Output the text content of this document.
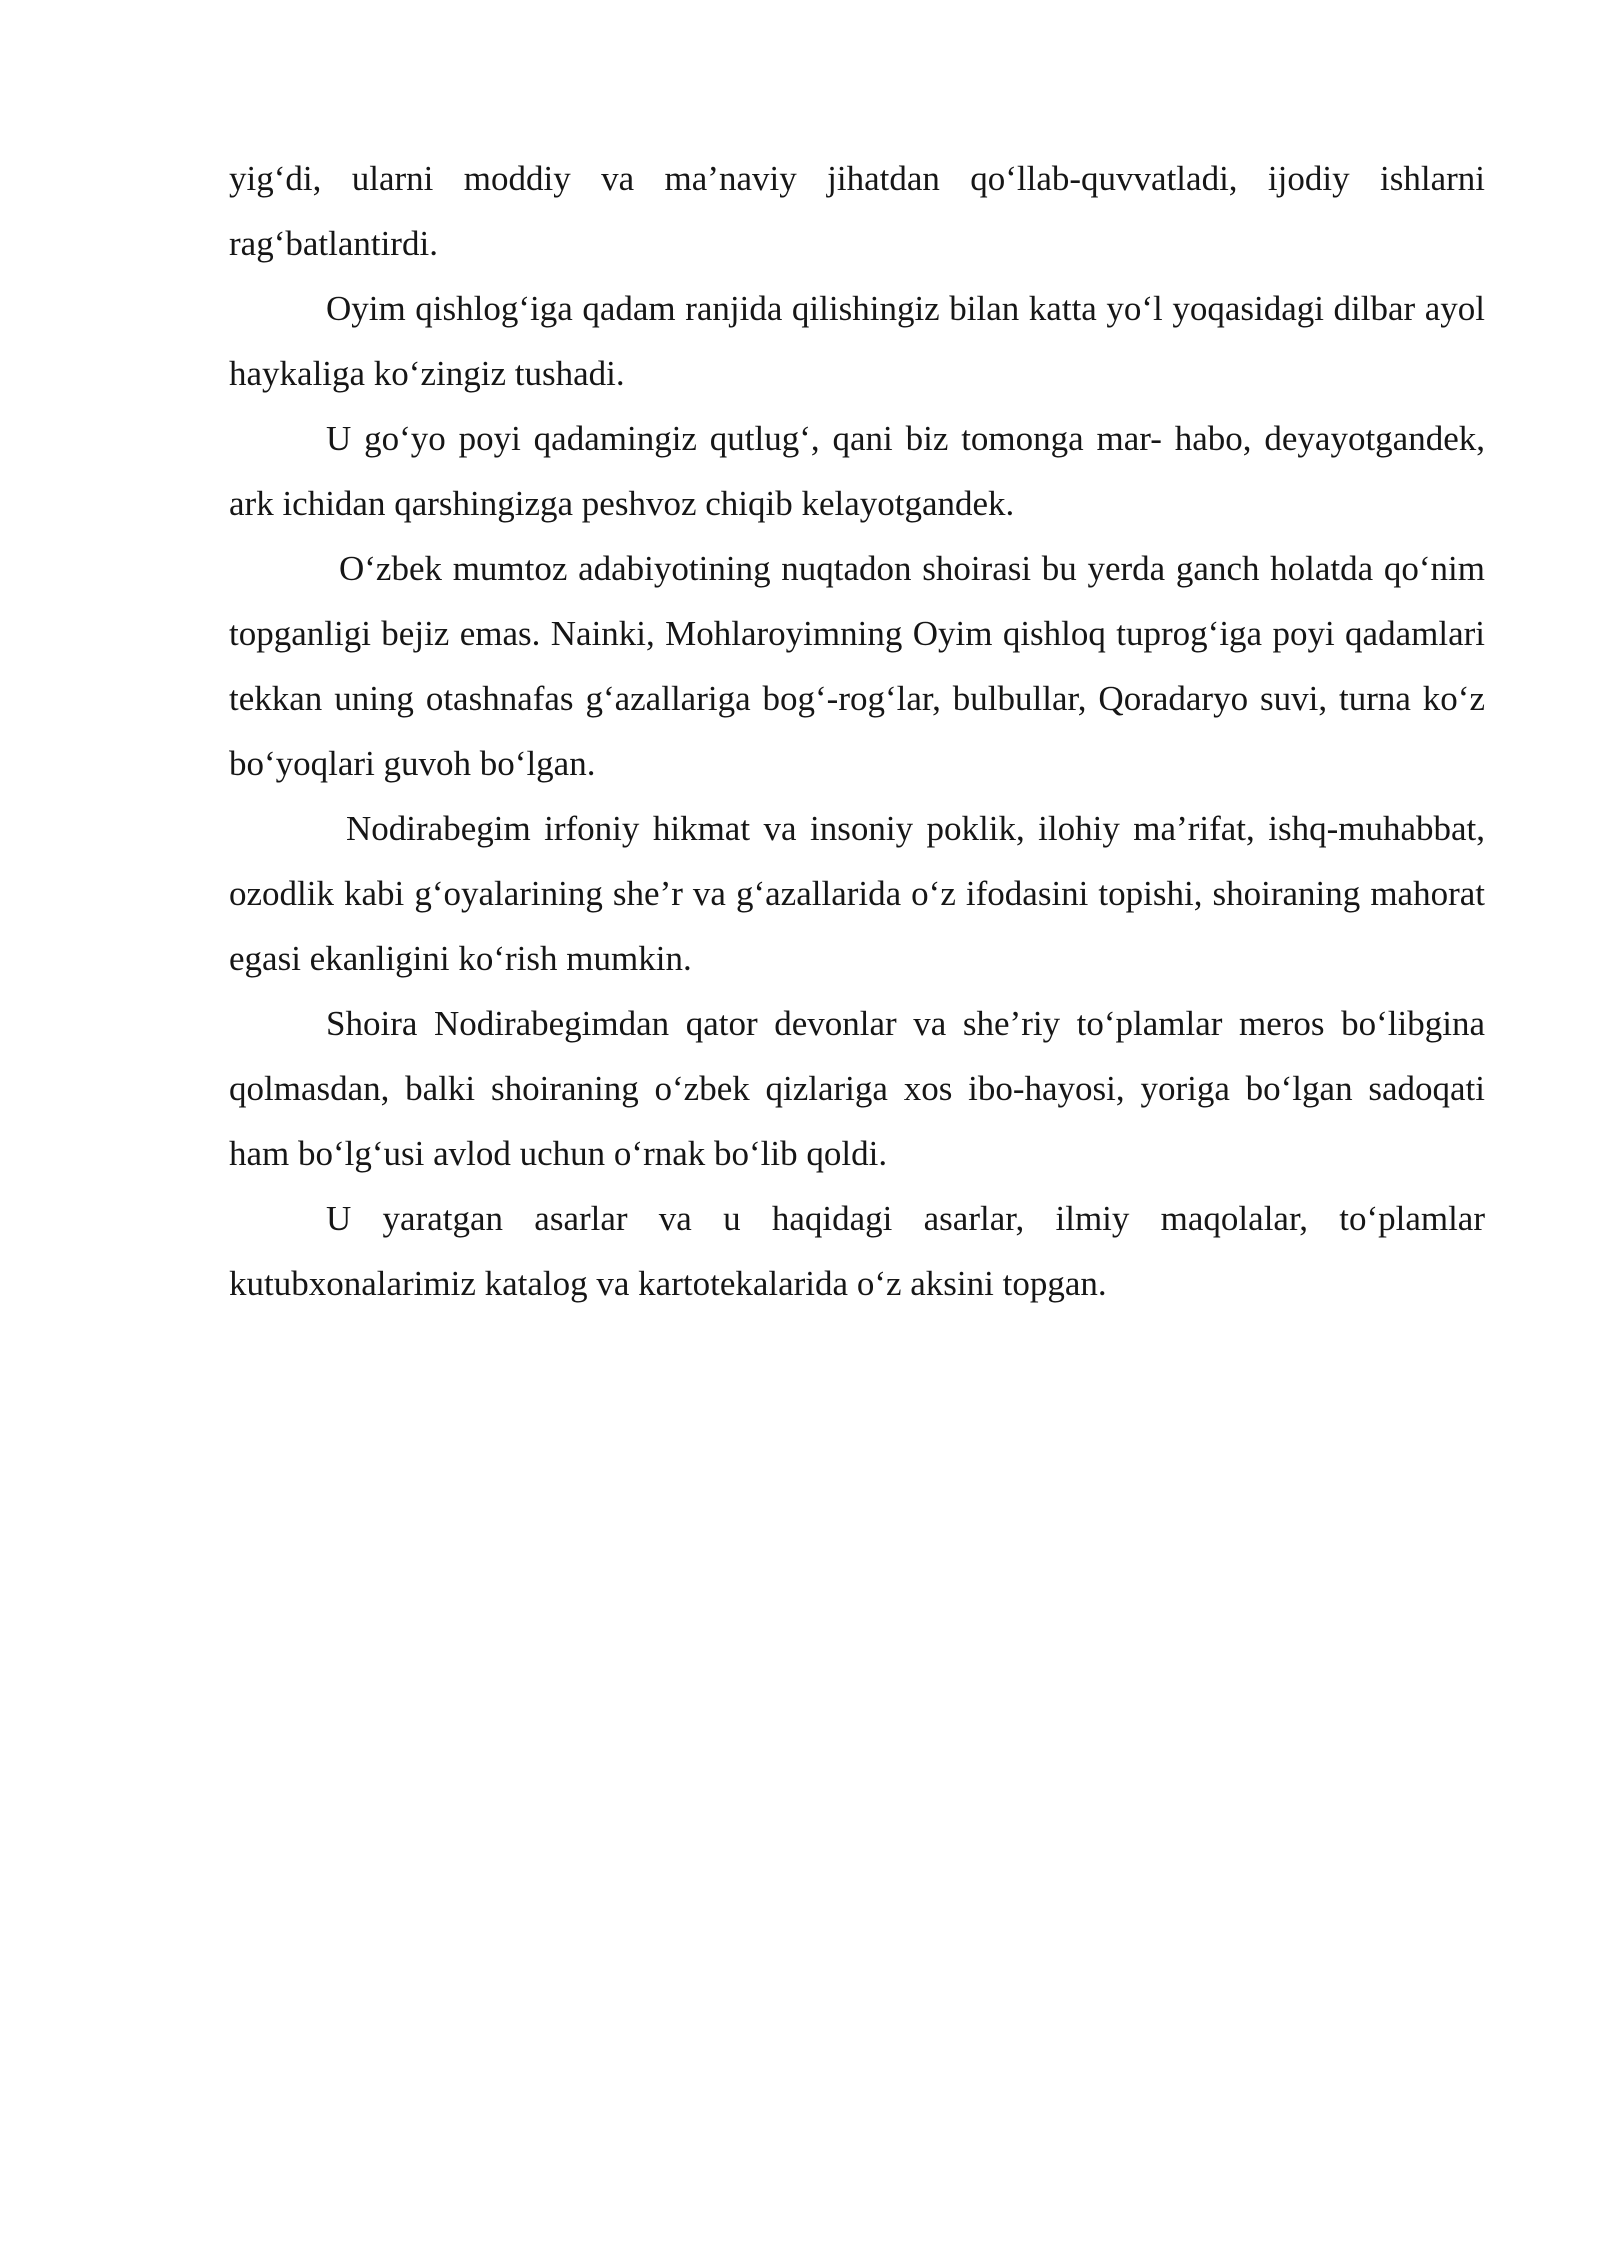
yig‘di, ularni moddiy va ma’naviy jihatdan qo‘llab-quvvatladi, ijodiy ishlarni rag‘batlantirdi.

Oyim qishlog‘iga qadam ranjida qilishingiz bilan katta yo‘l yoqasidagi dilbar ayol haykaliga ko‘zingiz tushadi.

U go‘yo poyi qadamingiz qutlug‘, qani biz tomonga mar- habo, deyayotgandek, ark ichidan qarshingizga peshvoz chiqib kelayotgandek.

O‘zbek mumtoz adabiyotining nuqtadon shoirasi bu yerda ganch holatda qo‘nim topganligi bejiz emas. Nainki, Mohlaroyimning Oyim qishloq tuprog‘iga poyi qadamlari tekkan uning otashnafas g‘azallariga bog‘-rog‘lar, bulbullar, Qoradaryo suvi, turna ko‘z bo‘yoqlari guvoh bo‘lgan.

Nodirabegim irfoniy hikmat va insoniy poklik, ilohiy ma’rifat, ishq-muhabbat, ozodlik kabi g‘oyalarining she’r va g‘azallarida o‘z ifodasini topishi, shoiraning mahorat egasi ekanligini ko‘rish mumkin.

Shoira Nodirabegimdan qator devonlar va she’riy to‘plamlar meros bo‘libgina qolmasdan, balki shoiraning o‘zbek qizlariga xos ibo-hayosi, yoriga bo‘lgan sadoqati ham bo‘lg‘usi avlod uchun o‘rnak bo‘lib qoldi.

U yaratgan asarlar va u haqidagi asarlar, ilmiy maqolalar, to‘plamlar kutubxonalarimiz katalog va kartotekalarida o‘z aksini topgan.
